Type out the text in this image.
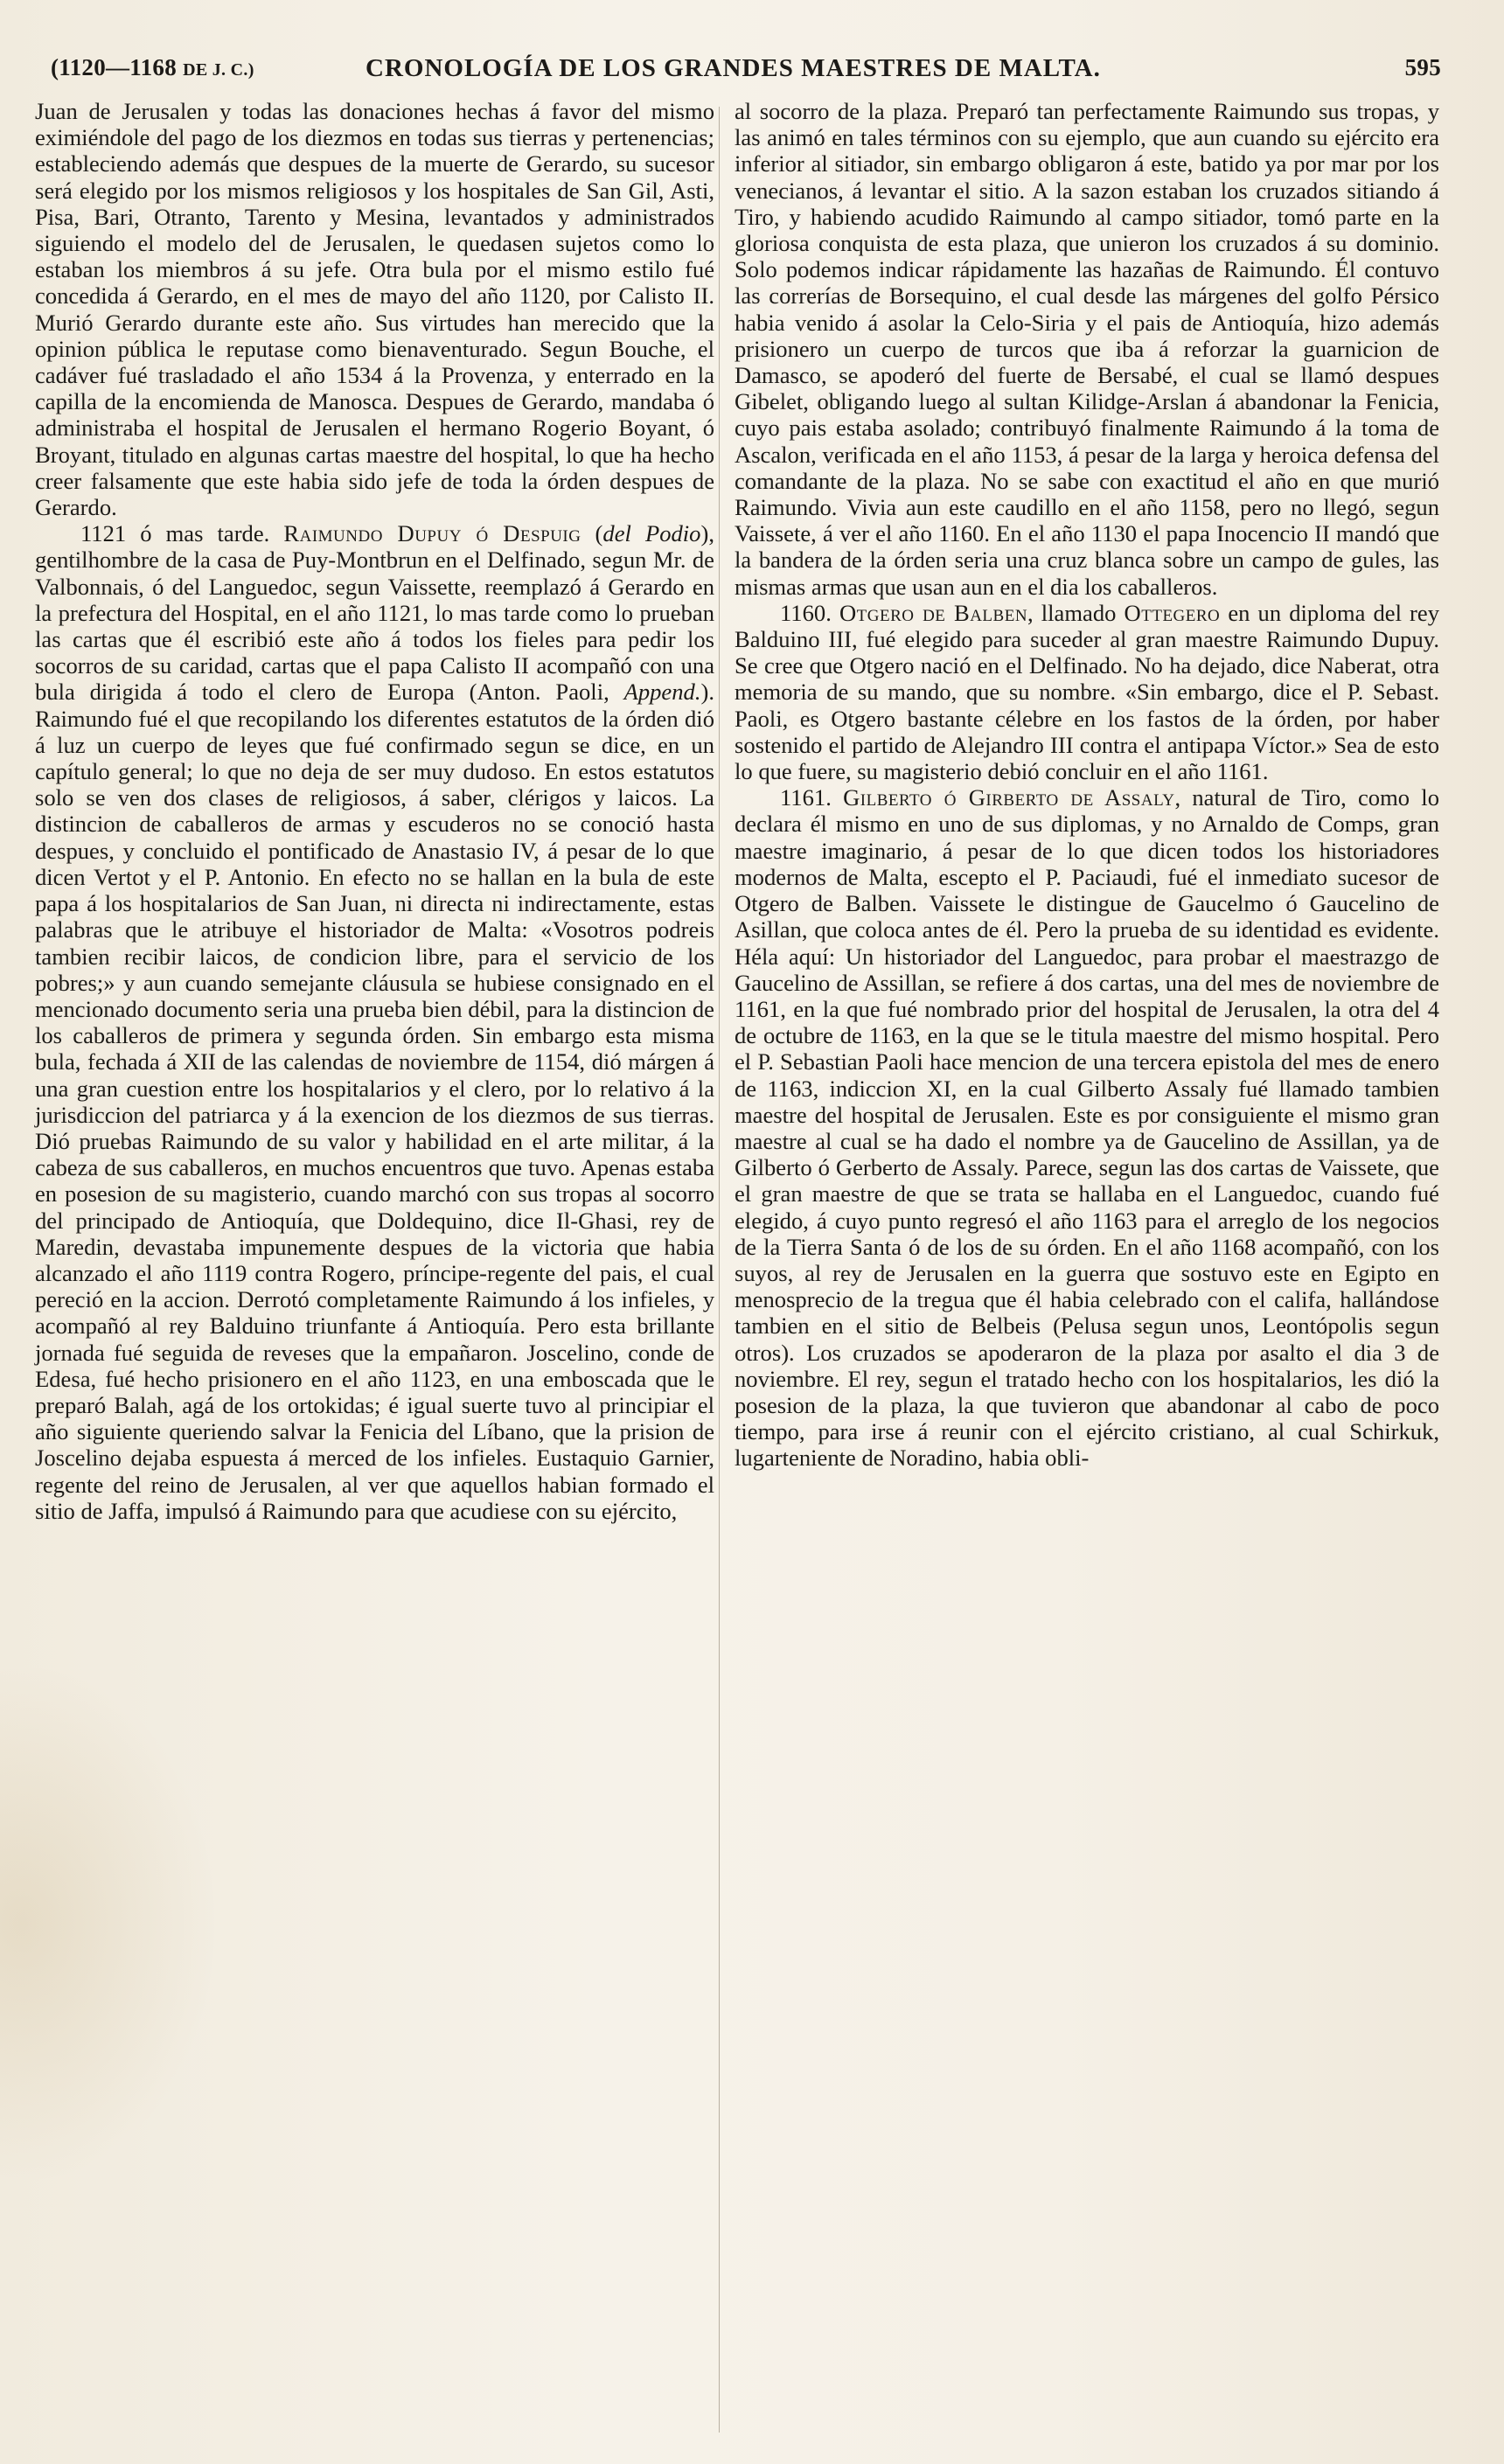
(1120—1168 DE J. C.)	CRONOLOGÍA DE LOS GRANDES MAESTRES DE MALTA.	595

Juan de Jerusalen y todas las donaciones hechas á favor del mismo eximiéndole del pago de los diezmos en todas sus tierras y pertenencias; estableciendo además que despues de la muerte de Gerardo, su sucesor será elegido por los mismos religiosos y los hospitales de San Gil, Asti, Pisa, Bari, Otranto, Tarento y Mesina, levantados y administrados siguiendo el modelo del de Jerusalen, le quedasen sujetos como lo estaban los miembros á su jefe. Otra bula por el mismo estilo fué concedida á Gerardo, en el mes de mayo del año 1120, por Calisto II. Murió Gerardo durante este año. Sus virtudes han merecido que la opinion pública le reputase como bienaventurado. Segun Bouche, el cadáver fué trasladado el año 1534 á la Provenza, y enterrado en la capilla de la encomienda de Manosca. Despues de Gerardo, mandaba ó administraba el hospital de Jerusalen el hermano Rogerio Boyant, ó Broyant, titulado en algunas cartas maestre del hospital, lo que ha hecho creer falsamente que este habia sido jefe de toda la órden despues de Gerardo.

1121 ó mas tarde. Raimundo Dupuy ó Despuig (del Podio), gentilhombre de la casa de Puy-Montbrun en el Delfinado, segun Mr. de Valbonnais, ó del Languedoc, segun Vaissette, reemplazó á Gerardo en la prefectura del Hospital, en el año 1121, lo mas tarde como lo prueban las cartas que él escribió este año á todos los fieles para pedir los socorros de su caridad, cartas que el papa Calisto II acompañó con una bula dirigida á todo el clero de Europa (Anton. Paoli, Append.). Raimundo fué el que recopilando los diferentes estatutos de la órden dió á luz un cuerpo de leyes que fué confirmado segun se dice, en un capítulo general; lo que no deja de ser muy dudoso. En estos estatutos solo se ven dos clases de religiosos, á saber, clérigos y laicos. La distincion de caballeros de armas y escuderos no se conoció hasta despues, y concluido el pontificado de Anastasio IV, á pesar de lo que dicen Vertot y el P. Antonio. En efecto no se hallan en la bula de este papa á los hospitalarios de San Juan, ni directa ni indirectamente, estas palabras que le atribuye el historiador de Malta: «Vosotros podreis tambien recibir laicos, de condicion libre, para el servicio de los pobres;» y aun cuando semejante cláusula se hubiese consignado en el mencionado documento seria una prueba bien débil, para la distincion de los caballeros de primera y segunda órden. Sin embargo esta misma bula, fechada á XII de las calendas de noviembre de 1154, dió márgen á una gran cuestion entre los hospitalarios y el clero, por lo relativo á la jurisdiccion del patriarca y á la exencion de los diezmos de sus tierras. Dió pruebas Raimundo de su valor y habilidad en el arte militar, á la cabeza de sus caballeros, en muchos encuentros que tuvo. Apenas estaba en posesion de su magisterio, cuando marchó con sus tropas al socorro del principado de Antioquía, que Doldequino, dice Il-Ghasi, rey de Maredin, devastaba impunemente despues de la victoria que habia alcanzado el año 1119 contra Rogero, príncipe-regente del pais, el cual pereció en la accion. Derrotó completamente Raimundo á los infieles, y acompañó al rey Balduino triunfante á Antioquía. Pero esta brillante jornada fué seguida de reveses que la empañaron. Joscelino, conde de Edesa, fué hecho prisionero en el año 1123, en una emboscada que le preparó Balah, agá de los ortokidas; é igual suerte tuvo al principiar el año siguiente queriendo salvar la Fenicia del Líbano, que la prision de Joscelino dejaba espuesta á merced de los infieles. Eustaquio Garnier, regente del reino de Jerusalen, al ver que aquellos habian formado el sitio de Jaffa, impulsó á Raimundo para que acudiese con su ejército,

al socorro de la plaza. Preparó tan perfectamente Raimundo sus tropas, y las animó en tales términos con su ejemplo, que aun cuando su ejército era inferior al sitiador, sin embargo obligaron á este, batido ya por mar por los venecianos, á levantar el sitio. A la sazon estaban los cruzados sitiando á Tiro, y habiendo acudido Raimundo al campo sitiador, tomó parte en la gloriosa conquista de esta plaza, que unieron los cruzados á su dominio. Solo podemos indicar rápidamente las hazañas de Raimundo. Él contuvo las correrías de Borsequino, el cual desde las márgenes del golfo Pérsico habia venido á asolar la Celo-Siria y el pais de Antioquía, hizo además prisionero un cuerpo de turcos que iba á reforzar la guarnicion de Damasco, se apoderó del fuerte de Bersabé, el cual se llamó despues Gibelet, obligando luego al sultan Kilidge-Arslan á abandonar la Fenicia, cuyo pais estaba asolado; contribuyó finalmente Raimundo á la toma de Ascalon, verificada en el año 1153, á pesar de la larga y heroica defensa del comandante de la plaza. No se sabe con exactitud el año en que murió Raimundo. Vivia aun este caudillo en el año 1158, pero no llegó, segun Vaissete, á ver el año 1160. En el año 1130 el papa Inocencio II mandó que la bandera de la órden seria una cruz blanca sobre un campo de gules, las mismas armas que usan aun en el dia los caballeros.

1160. Otgero de Balben, llamado Ottegero en un diploma del rey Balduino III, fué elegido para suceder al gran maestre Raimundo Dupuy. Se cree que Otgero nació en el Delfinado. No ha dejado, dice Naberat, otra memoria de su mando, que su nombre. «Sin embargo, dice el P. Sebast. Paoli, es Otgero bastante célebre en los fastos de la órden, por haber sostenido el partido de Alejandro III contra el antipapa Víctor.» Sea de esto lo que fuere, su magisterio debió concluir en el año 1161.

1161. Gilberto ó Girberto de Assaly, natural de Tiro, como lo declara él mismo en uno de sus diplomas, y no Arnaldo de Comps, gran maestre imaginario, á pesar de lo que dicen todos los historiadores modernos de Malta, escepto el P. Paciaudi, fué el inmediato sucesor de Otgero de Balben. Vaissete le distingue de Gaucelmo ó Gaucelino de Asillan, que coloca antes de él. Pero la prueba de su identidad es evidente. Héla aquí: Un historiador del Languedoc, para probar el maestrazgo de Gaucelino de Assillan, se refiere á dos cartas, una del mes de noviembre de 1161, en la que fué nombrado prior del hospital de Jerusalen, la otra del 4 de octubre de 1163, en la que se le titula maestre del mismo hospital. Pero el P. Sebastian Paoli hace mencion de una tercera epistola del mes de enero de 1163, indiccion XI, en la cual Gilberto Assaly fué llamado tambien maestre del hospital de Jerusalen. Este es por consiguiente el mismo gran maestre al cual se ha dado el nombre ya de Gaucelino de Assillan, ya de Gilberto ó Gerberto de Assaly. Parece, segun las dos cartas de Vaissete, que el gran maestre de que se trata se hallaba en el Languedoc, cuando fué elegido, á cuyo punto regresó el año 1163 para el arreglo de los negocios de la Tierra Santa ó de los de su órden. En el año 1168 acompañó, con los suyos, al rey de Jerusalen en la guerra que sostuvo este en Egipto en menosprecio de la tregua que él habia celebrado con el califa, hallándose tambien en el sitio de Belbeis (Pelusa segun unos, Leontópolis segun otros). Los cruzados se apoderaron de la plaza por asalto el dia 3 de noviembre. El rey, segun el tratado hecho con los hospitalarios, les dió la posesion de la plaza, la que tuvieron que abandonar al cabo de poco tiempo, para irse á reunir con el ejército cristiano, al cual Schirkuk, lugarteniente de Noradino, habia obli-
